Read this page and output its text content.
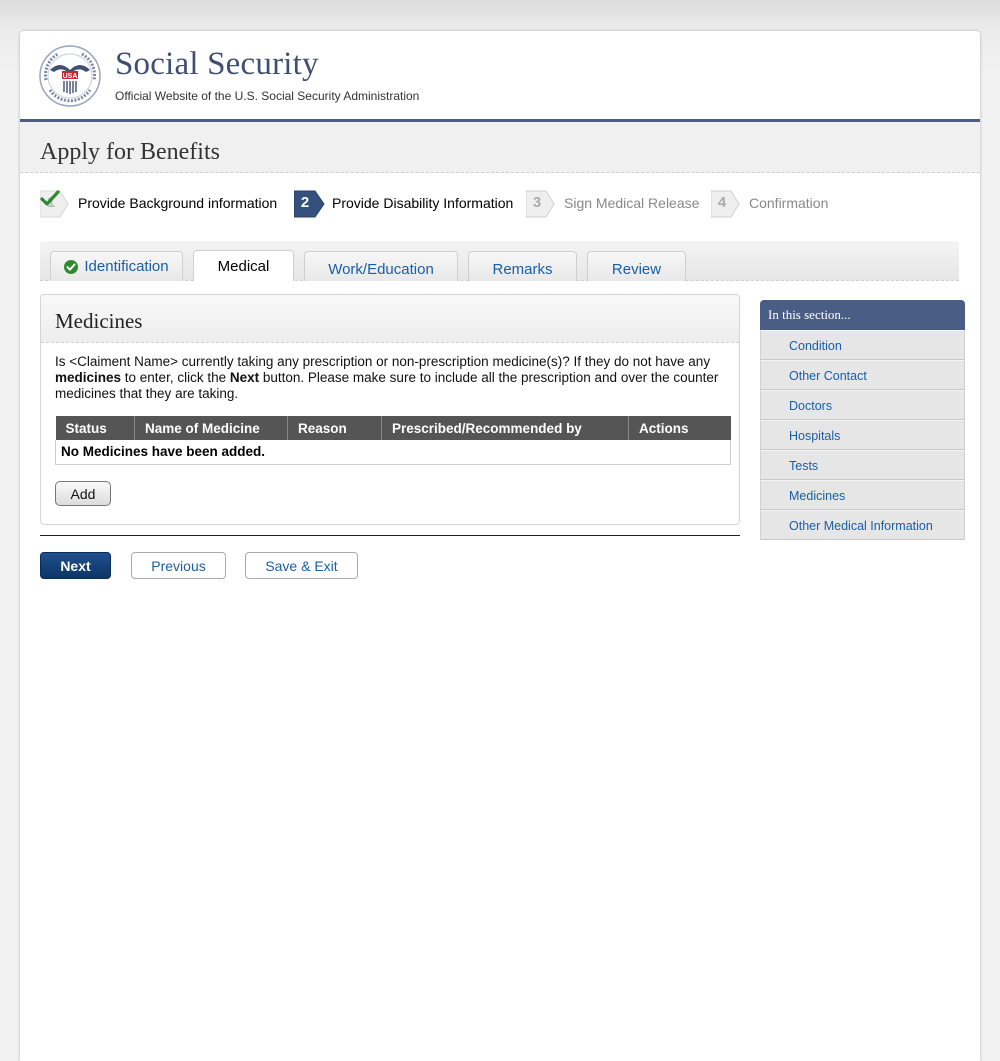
USA Social Security
Official Website of the U.S. Social Security Administration
Apply for Benefits
1	Provide Background information	2	Provide Disability Information	3	Sign Medical Release	4	Confirmation
Identification	Medical	Work/Education	Remarks	Review
Medicines
Is <Claiment Name> currently taking any prescription or non-prescription medicine(s)? If they do not have any medicines to enter, click the Next button. Please make sure to include all the prescription and over the counter medicines that they are taking.
Status	Name of Medicine	Reason	Prescribed/Recommended by	Actions
No Medicines have been added.
Add
Next	Previous	Save & Exit
In this section...
Condition
Other Contact
Doctors
Hospitals
Tests
Medicines
Other Medical Information
